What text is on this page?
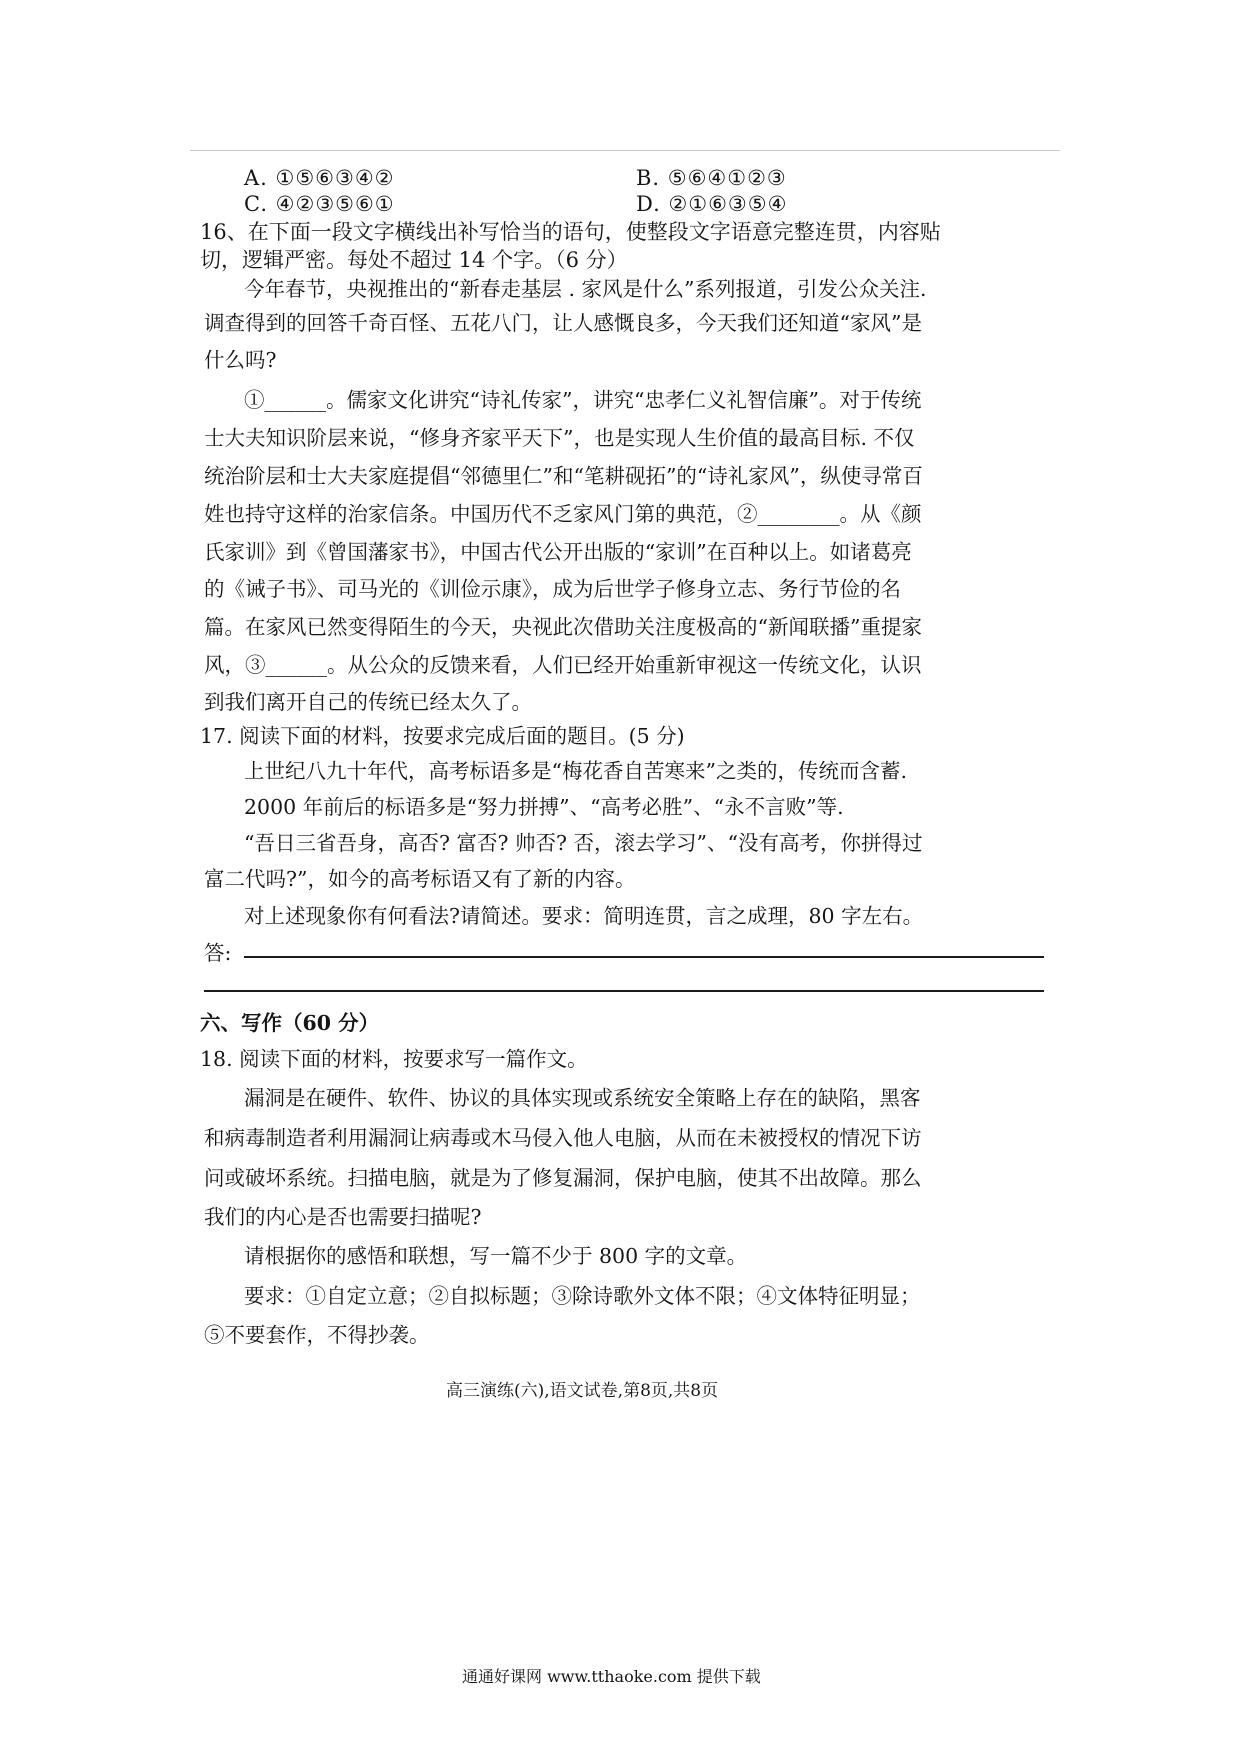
A. ①⑤⑥③④②	B. ⑤⑥④①②③
C. ④②③⑤⑥①	D. ②①⑥③⑤④
16、在下面一段文字横线出补写恰当的语句，使整段文字语意完整连贯，内容贴
切，逻辑严密。每处不超过 14 个字。（6 分）
今年春节，央视推出的“新春走基层 . 家风是什么”系列报道，引发公众关注.
调查得到的回答千奇百怪、五花八门，让人感慨良多，今天我们还知道“家风”是
什么吗?
①______。儒家文化讲究“诗礼传家”，讲究“忠孝仁义礼智信廉”。对于传统
士大夫知识阶层来说，“修身齐家平天下”，也是实现人生价值的最高目标. 不仅
统治阶层和士大夫家庭提倡“邻德里仁”和“笔耕砚拓”的“诗礼家风”，纵使寻常百
姓也持守这样的治家信条。中国历代不乏家风门第的典范，②________。从《颜
氏家训》到《曾国藩家书》，中国古代公开出版的“家训”在百种以上。如诸葛亮
的《诫子书》、司马光的《训俭示康》，成为后世学子修身立志、务行节俭的名
篇。在家风已然变得陌生的今天，央视此次借助关注度极高的“新闻联播”重提家
风，③______。从公众的反馈来看，人们已经开始重新审视这一传统文化，认识
到我们离开自己的传统已经太久了。
17. 阅读下面的材料，按要求完成后面的题目。(5 分)
上世纪八九十年代，高考标语多是“梅花香自苦寒来”之类的，传统而含蓄.
2000 年前后的标语多是“努力拼搏”、“高考必胜”、“永不言败”等.
“吾日三省吾身，高否? 富否? 帅否? 否，滚去学习”、“没有高考，你拼得过
富二代吗?”，如今的高考标语又有了新的内容。
对上述现象你有何看法?请简述。要求：简明连贯，言之成理，80 字左右。
答:
六、写作（60 分）
18. 阅读下面的材料，按要求写一篇作文。
漏洞是在硬件、软件、协议的具体实现或系统安全策略上存在的缺陷，黑客
和病毒制造者利用漏洞让病毒或木马侵入他人电脑，从而在未被授权的情况下访
问或破坏系统。扫描电脑，就是为了修复漏洞，保护电脑，使其不出故障。那么
我们的内心是否也需要扫描呢?
请根据你的感悟和联想，写一篇不少于 800 字的文章。
要求：①自定立意；②自拟标题；③除诗歌外文体不限；④文体特征明显；
⑤不要套作，不得抄袭。
高三演练(六),语文试卷,第8页,共8页
通通好课网 www.tthaoke.com 提供下载
